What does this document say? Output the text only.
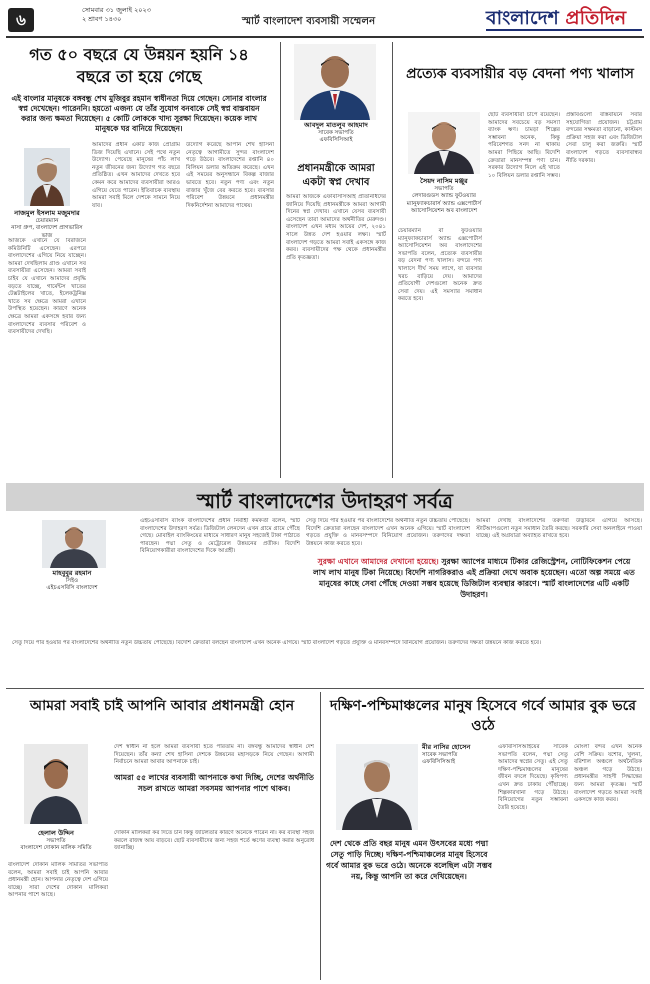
৬
সোমবার ৩১ জুলাই ২০২৩
২ শ্রাবণ ১৪৩০	স্মার্ট বাংলাদেশ ব্যবসায়ী সম্মেলন	বাংলাদেশ প্রতিদিন
গত ৫০ বছরে যে উন্নয়ন হয়নি ১৪ বছরে তা হয়ে গেছে
এই বাংলার মানুষকে বঙ্গবন্ধু শেখ মুজিবুর রহমান স্বাধীনতা দিয়ে গেছেন। সোনার বাংলার স্বপ্ন দেখেছেন। পারেননি। হয়তো এজন্য যে তাঁর সুযোগ বনবাকে সেই স্বপ্ন বাস্তবায়ন করার জন্য ক্ষমতা দিয়েছেন। ৫ কোটি লোককে খাদ্য সুরক্ষা দিয়েছেন। কয়েক লাখ মানুষকে ঘর বানিয়ে দিয়েছেন।
নাজমুল ইসলাম মজুমদার
চেয়ারম্যান
নাসা গ্রুপ, বাংলাদেশ প্রাগভারিস ভাজ
আজকে এখানে যে বিরাজনে কমিউনিটি এসেছেন। এরপরে বাংলাদেশের এগিয়ে নিয়ে যাচ্ছেন। আমরা দেখছিলাম গ্রাণ্ড এখানে সব ব্যবসায়ীরা এসেছেন। আমরা সবাই চাইব যে এখানে আমাদের প্রবৃদ্ধি বড়তে যাচ্ছে, গার্মেন্টস খাতের টেক্সটাইলের খাতে, ইলেকট্রনিক্স খাতে সব ক্ষেত্রে আমরা এখানে উপস্থিত হয়েছেন। কারণে অনেক ক্ষেত্রে আমরা একসঙ্গে হবার জন্য বাংলাদেশের ব্যবসার পরিবেশ ও ব্যবসায়ীদের দেখছি।
আমাদের প্রধান একটি কাজ প্রোগ্রাম ডিজ দিয়েছি এখানে। সেই পথে নতুন উদ্যোগ। পেয়েছে মানুষের পাঁচ লাখ নতুন জীবনের জন্য উদ্যোগ গত বছরে প্রতিষ্ঠিত। এখন আমাদের দেখতে হবে কেমন করে আমাদের ব্যবসায়ীরা আরও এগিয়ে যেতে পারেন। ইতিবাচক ব্যবস্থায় আমরা সবাই মিলে দেশকে সামনে নিয়ে যাব।
উদ্যোগ করেছে আপনি শেখ হাসিনা নেতৃত্বে আগামীতে সুন্দর বাংলাদেশ গড়ে উঠবে। বাংলাদেশের রপ্তানি ৪০ বিলিয়ন ডলার অতিক্রম করেছে। এখন এই সময়ের অনুসন্ধানে বিকল্প বাজার ভাবতে হবে। নতুন পণ্য এবং নতুন বাজার খুঁজে বের করতে হবে। ব্যবসার পরিবেশ উন্নয়নে প্রধানমন্ত্রীর দিকনির্দেশনা আমাদের পাথেয়।
আবদুল মাতলুব আহমাদ
সাবেক সভাপতি
এফবিসিসিআই
প্রধানমন্ত্রীকে আমরা একটা স্বপ্ন দেখাব
আমরা আজকে এফবিসিসিআই প্রতিনিধিদের জানিয়ে দিয়েছি প্রধানমন্ত্রীকে আমরা আগামী দিনের স্বপ্ন দেখাব। এখানে যেসব ব্যবসায়ী এসেছেন তারা আমাদের অর্থনীতির মেরুদণ্ড। বাংলাদেশ এখন মধ্যম আয়ের দেশ, ২০৪১ সালে উন্নত দেশ হওয়ার লক্ষ্য। স্মার্ট বাংলাদেশ গড়তে আমরা সবাই একসঙ্গে কাজ করব। ব্যবসায়ীদের পক্ষ থেকে প্রধানমন্ত্রীর প্রতি কৃতজ্ঞতা।
প্রত্যেক ব্যবসায়ীর বড় বেদনা পণ্য খালাস
সৈয়দ নাসিম মঞ্জুর
সভাপতি
লেদারগুডস অ্যান্ড ফুটওয়্যার ম্যানুফ্যাকচারার্স অ্যান্ড এক্সপোর্টার্স অ্যাসোসিয়েশন অব বাংলাদেশ
চেয়ারম্যান বা ফুটওয়্যার ম্যানুফ্যাকচারার্স অ্যান্ড এক্সপোর্টার্স অ্যাসোসিয়েশন অব বাংলাদেশের সভাপতি বলেন, প্রত্যেক ব্যবসায়ীর বড় বেদনা পণ্য খালাস। বন্দরে পণ্য খালাসে দীর্ঘ সময় লাগে, যা ব্যবসার খরচ বাড়িয়ে দেয়। আমাদের প্রতিযোগী দেশগুলো অনেক দ্রুত সেবা দেয়। এই সমস্যার সমাধান করতে হবে।
ছোট ব্যবসায়ীরা চাপে রয়েছেন। আমাদের সবচেয়ে বড় সমস্যা ব্যাংক ঋণ। চামড়া শিল্পের সম্ভাবনা অনেক, কিন্তু পরিবেশগত সনদ না থাকায় আমরা পিছিয়ে আছি। বিদেশি ক্রেতারা মানসম্পন্ন পণ্য চান। সরকার উদ্যোগ নিলে এই খাতে ১০ বিলিয়ন ডলার রপ্তানি সম্ভব।
প্রস্তাবগুলো বাস্তবায়নে সবার সহযোগিতা প্রয়োজন। চট্টগ্রাম বন্দরের সক্ষমতা বাড়ানো, কাস্টমস প্রক্রিয়া সহজ করা এবং ডিজিটাল সেবা চালু করা জরুরি। স্মার্ট বাংলাদেশ গড়তে ব্যবসাবান্ধব নীতি দরকার।
স্মার্ট বাংলাদেশের উদাহরণ সর্বত্র
মাহবুবুর রহমান
সিইও
এইচএসবিসি বাংলাদেশ
এইচএসবিসি ব্যাংক বাংলাদেশের প্রধান নির্বাহী কর্মকর্তা বলেন, স্মার্ট বাংলাদেশের উদাহরণ সর্বত্র। ডিজিটাল লেনদেন এখন গ্রামে গ্রামে পৌঁছে গেছে। মোবাইল ব্যাংকিংয়ের মাধ্যমে সাধারণ মানুষ সহজেই টাকা পাঠাতে পারছেন। পদ্মা সেতু ও মেট্রোরেল উন্নয়নের প্রতীক। বিদেশি বিনিয়োগকারীরা বাংলাদেশের দিকে আগ্রহী।
সেতু দিয়ে পার হওয়ার পর বাংলাদেশের অর্থনীতি নতুন উচ্চতায় পৌঁছেছে। বিদেশি ক্রেতারা বলছেন বাংলাদেশ এখন অনেক এগিয়ে। স্মার্ট বাংলাদেশ গড়তে প্রযুক্তি ও মানবসম্পদে বিনিয়োগ প্রয়োজন। তরুণদের দক্ষতা উন্নয়নে কাজ করতে হবে।
আমরা দেখছি বাংলাদেশের তরুণরা উদ্ভাবনে এগিয়ে আসছে। স্টার্টআপগুলো নতুন সমাধান তৈরি করছে। সরকারি সেবা অনলাইনে পাওয়া যাচ্ছে। এই অগ্রযাত্রা অব্যাহত রাখতে হবে।
সুরক্ষা এখানে আমাদের দেখানো হয়েছে। সুরক্ষা অ্যাপের মাধ্যমে টিকার রেজিস্ট্রেশন, নোটিফিকেশন পেয়ে লাখ লাখ মানুষ টিকা নিয়েছে। বিদেশি নাগরিকরাও এই প্রক্রিয়া দেখে অবাক হয়েছেন। এতো অল্প সময়ে এত মানুষের কাছে সেবা পৌঁছে দেওয়া সম্ভব হয়েছে ডিজিটাল ব্যবস্থার কারণে। স্মার্ট বাংলাদেশের এটি একটি উদাহরণ।
সেতু দিয়ে পার হওয়ার পর বাংলাদেশের অর্থনীতি নতুন উচ্চতায় পৌঁছেছে। বিদেশি ক্রেতারা বলছেন বাংলাদেশ এখন অনেক এগিয়ে। স্মার্ট বাংলাদেশ গড়তে প্রযুক্তি ও মানবসম্পদে বিনিয়োগ প্রয়োজন। তরুণদের দক্ষতা উন্নয়নে কাজ করতে হবে।
আমরা সবাই চাই আপনি আবার প্রধানমন্ত্রী হোন
হেলাল উদ্দিন
সভাপতি
বাংলাদেশ দোকান মালিক সমিতি
বাংলাদেশ দোকান মালিক সমিতির সভাপতি বলেন, আমরা সবাই চাই আপনি আবার প্রধানমন্ত্রী হোন। আপনার নেতৃত্বে দেশ এগিয়ে যাচ্ছে। সারা দেশের দোকান মালিকরা আপনার পাশে আছে।
দেশ স্বাধীন না হলে আমরা ব্যবসায়ী হতে পারতাম না। বঙ্গবন্ধু আমাদের স্বাধীন দেশ দিয়েছেন। তাঁর কন্যা শেখ হাসিনা দেশকে উন্নয়নের মহাসড়কে নিয়ে গেছেন। আগামী নির্বাচনে আমরা আবার আপনাকে চাই।
আমরা ৫৫ লাখের ব্যবসায়ী আপনাকে কথা দিচ্ছি, দেশের অর্থনীতি সচল রাখতে আমরা সবসময় আপনার পাশে থাকব।
দোকান মালিকরা কর দিতে চান কিন্তু জটিলতার কারণে অনেকে পারেন না। কর ব্যবস্থা সহজ করলে রাজস্ব আয় বাড়বে। ছোট ব্যবসায়ীদের জন্য সহজ শর্তে ঋণের ব্যবস্থা করার অনুরোধ জানাচ্ছি।
দক্ষিণ-পশ্চিমাঞ্চলের মানুষ হিসেবে গর্বে আমার বুক ভরে ওঠে
মীর নাসির হোসেন
সাবেক সভাপতি
এফবিসিসিআই
দেশ থেকে প্রতি বছর মানুষ এমন উৎসবের মধ্যে পদ্মা সেতু পাড়ি দিচ্ছে। দক্ষিণ-পশ্চিমাঞ্চলের মানুষ হিসেবে গর্বে আমার বুক ভরে ওঠে। অনেকে বলেছিল এটা সম্ভব নয়, কিন্তু আপনি তা করে দেখিয়েছেন।
এফবিসিসিআইয়ের সাবেক সভাপতি বলেন, পদ্মা সেতু আমাদের স্বপ্নের সেতু। এই সেতু দক্ষিণ-পশ্চিমাঞ্চলের মানুষের জীবন বদলে দিয়েছে। কৃষিপণ্য এখন দ্রুত ঢাকায় পৌঁছাচ্ছে। শিল্পকারখানা গড়ে উঠছে। বিনিয়োগের নতুন সম্ভাবনা তৈরি হয়েছে।
মোংলা বন্দর এখন অনেক বেশি সক্রিয়। যশোর, খুলনা, বরিশাল অঞ্চলে অর্থনৈতিক অঞ্চল গড়ে উঠছে। প্রধানমন্ত্রীর সাহসী সিদ্ধান্তের জন্য আমরা কৃতজ্ঞ। স্মার্ট বাংলাদেশ গড়তে আমরা সবাই একসঙ্গে কাজ করব।
